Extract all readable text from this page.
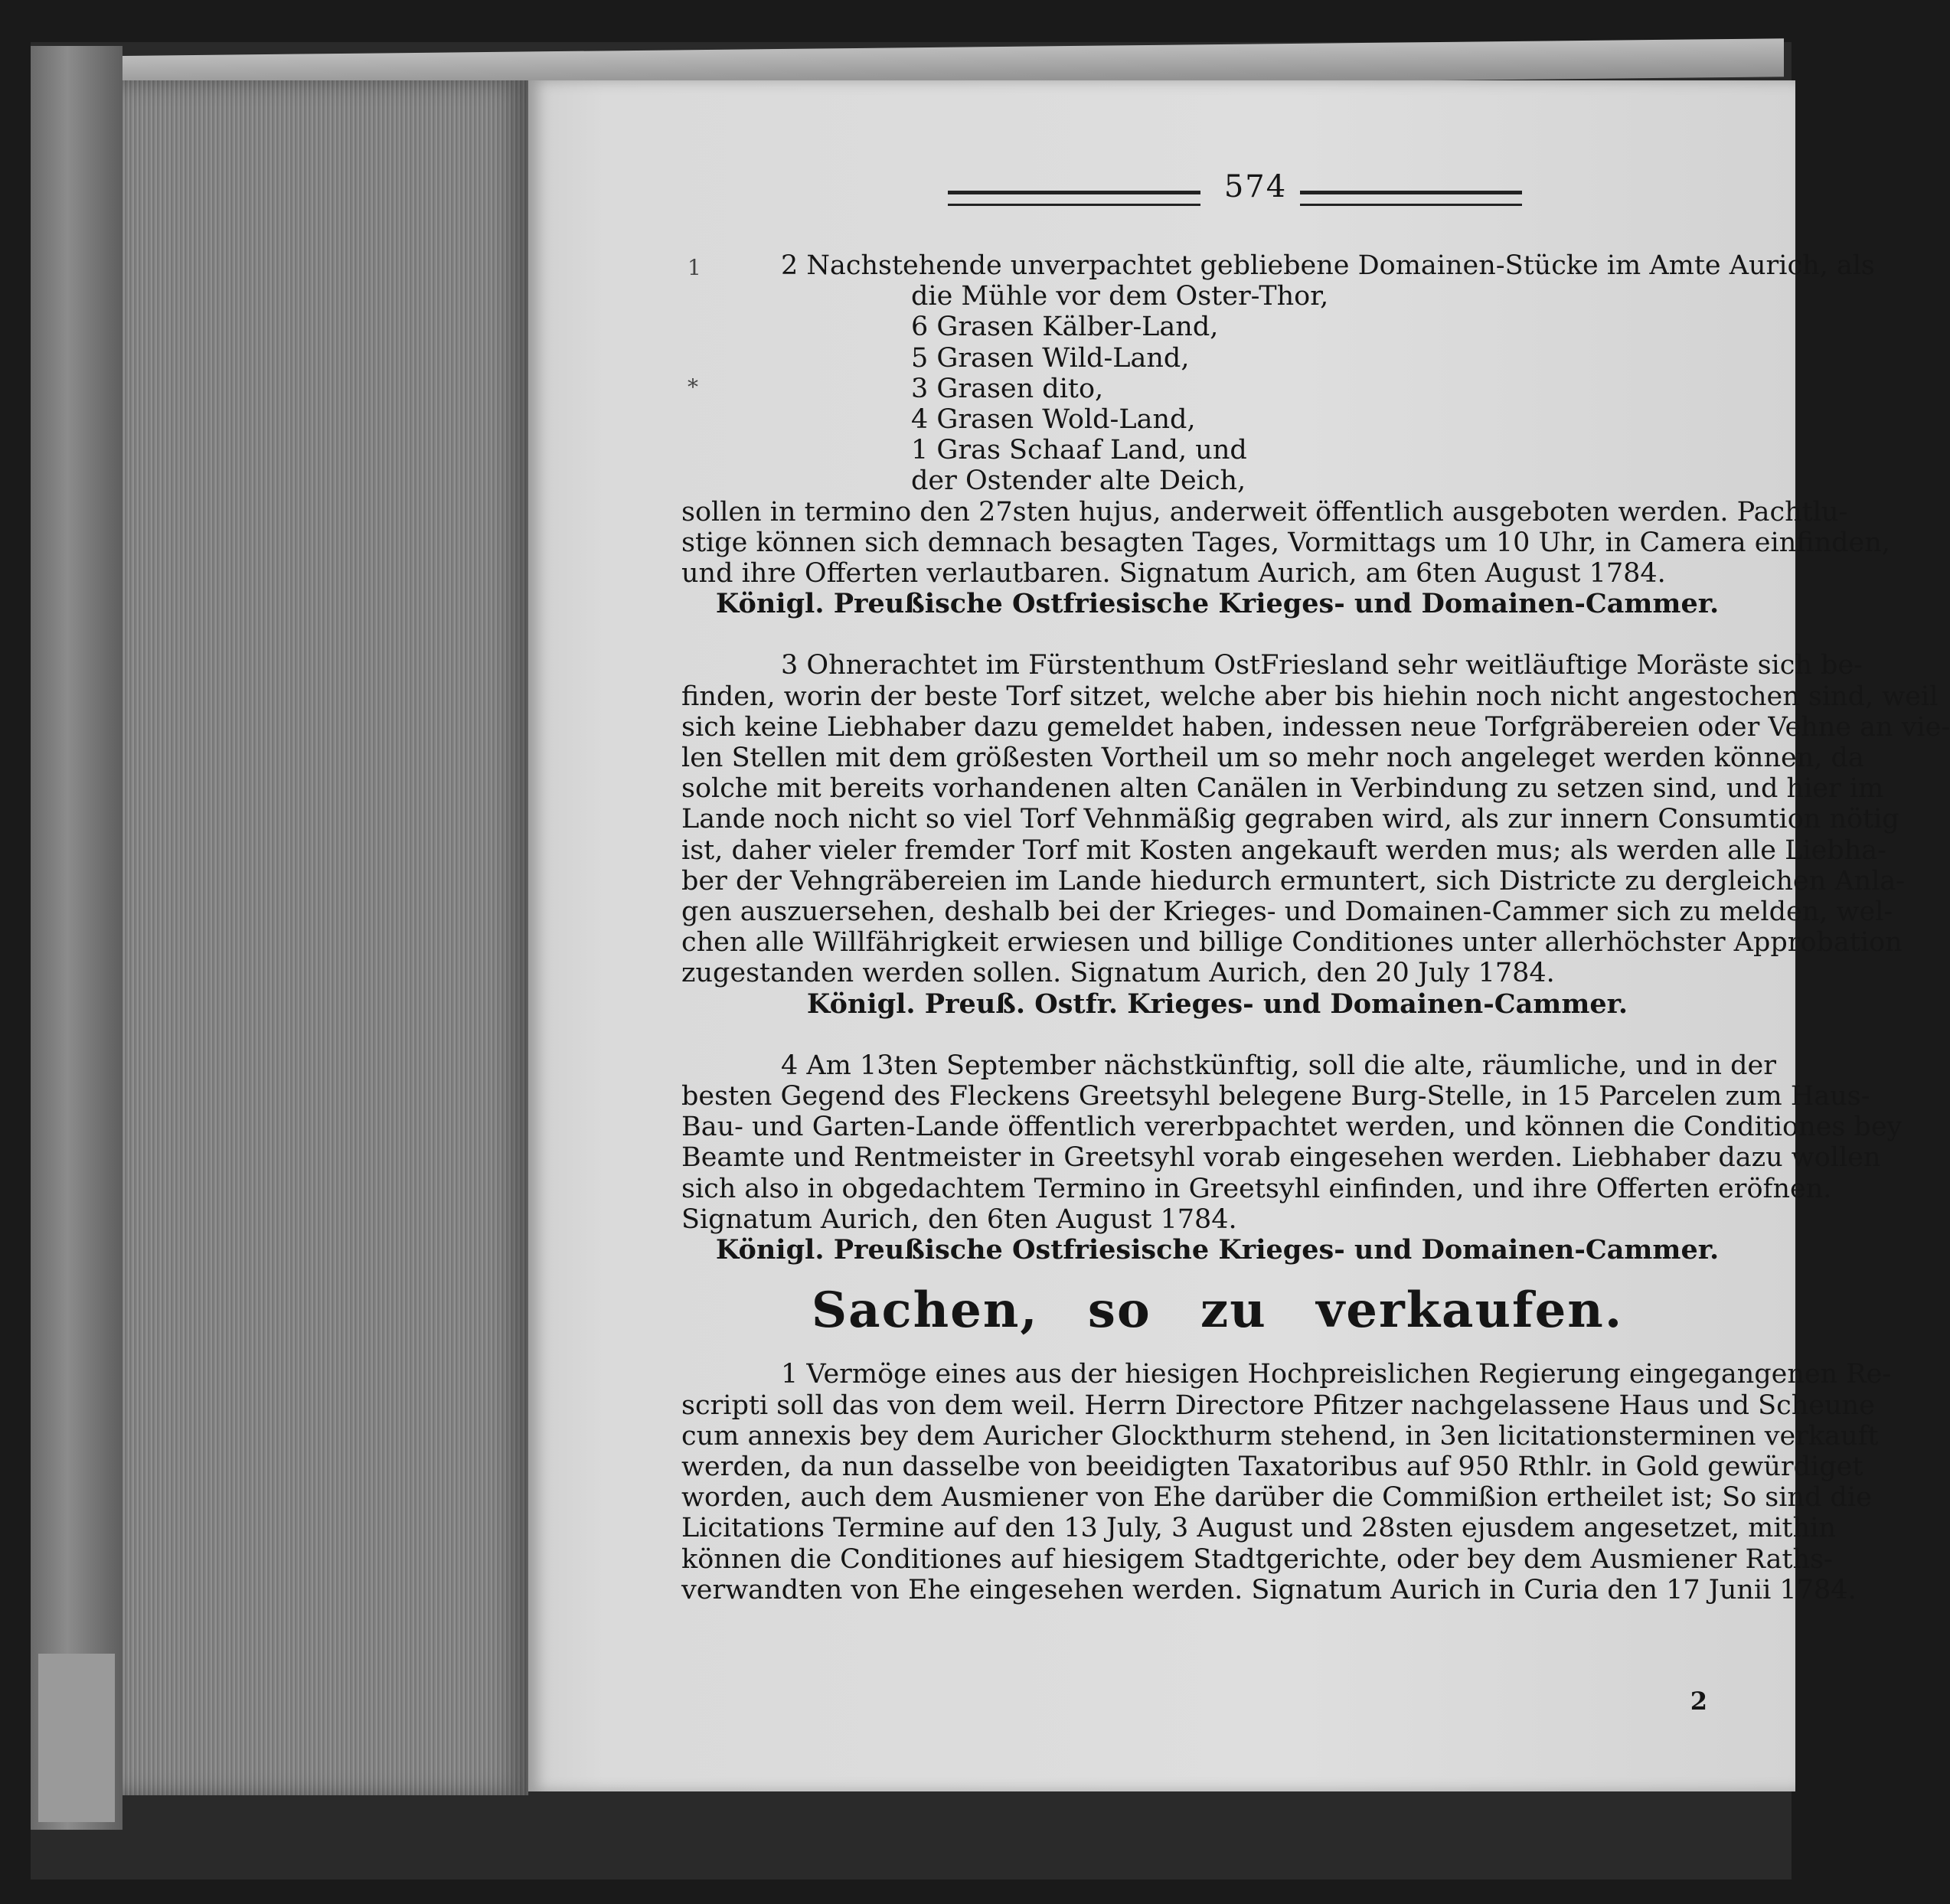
574
1
*
2 Nachstehende unverpachtet gebliebene Domainen-Stücke im Amte Aurich, als
die Mühle vor dem Oster-Thor,
6 Grasen Kälber-Land,
5 Grasen Wild-Land,
3 Grasen dito,
4 Grasen Wold-Land,
1 Gras Schaaf Land, und
der Ostender alte Deich,
sollen in termino den 27sten hujus, anderweit öffentlich ausgeboten werden. Pachtlu-
stige können sich demnach besagten Tages, Vormittags um 10 Uhr, in Camera einfinden,
und ihre Offerten verlautbaren. Signatum Aurich, am 6ten August 1784.
Königl. Preußische Ostfriesische Krieges- und Domainen-Cammer.
3 Ohnerachtet im Fürstenthum OstFriesland sehr weitläuftige Moräste sich be-
finden, worin der beste Torf sitzet, welche aber bis hiehin noch nicht angestochen sind, weil
sich keine Liebhaber dazu gemeldet haben, indessen neue Torfgräbereien oder Vehne an vie-
len Stellen mit dem größesten Vortheil um so mehr noch angeleget werden können, da
solche mit bereits vorhandenen alten Canälen in Verbindung zu setzen sind, und hier im
Lande noch nicht so viel Torf Vehnmäßig gegraben wird, als zur innern Consumtion nötig
ist, daher vieler fremder Torf mit Kosten angekauft werden mus; als werden alle Liebha-
ber der Vehngräbereien im Lande hiedurch ermuntert, sich Districte zu dergleichen Anla-
gen auszuersehen, deshalb bei der Krieges- und Domainen-Cammer sich zu melden, wel-
chen alle Willfährigkeit erwiesen und billige Conditiones unter allerhöchster Approbation
zugestanden werden sollen. Signatum Aurich, den 20 July 1784.
Königl. Preuß. Ostfr. Krieges- und Domainen-Cammer.
4 Am 13ten September nächstkünftig, soll die alte, räumliche, und in der
besten Gegend des Fleckens Greetsyhl belegene Burg-Stelle, in 15 Parcelen zum Haus-
Bau- und Garten-Lande öffentlich vererbpachtet werden, und können die Conditiones bey
Beamte und Rentmeister in Greetsyhl vorab eingesehen werden. Liebhaber dazu wollen
sich also in obgedachtem Termino in Greetsyhl einfinden, und ihre Offerten eröfnen.
Signatum Aurich, den 6ten August 1784.
Königl. Preußische Ostfriesische Krieges- und Domainen-Cammer.
Sachen, so zu verkaufen.
1 Vermöge eines aus der hiesigen Hochpreislichen Regierung eingegangenen Re-
scripti soll das von dem weil. Herrn Directore Pfitzer nachgelassene Haus und Scheune
cum annexis bey dem Auricher Glockthurm stehend, in 3en licitationsterminen verkauft
werden, da nun dasselbe von beeidigten Taxatoribus auf 950 Rthlr. in Gold gewürdiget
worden, auch dem Ausmiener von Ehe darüber die Commißion ertheilet ist; So sind die
Licitations Termine auf den 13 July, 3 August und 28sten ejusdem angesetzet, mithin
können die Conditiones auf hiesigem Stadtgerichte, oder bey dem Ausmiener Raths-
verwandten von Ehe eingesehen werden. Signatum Aurich in Curia den 17 Junii 1784.
2
